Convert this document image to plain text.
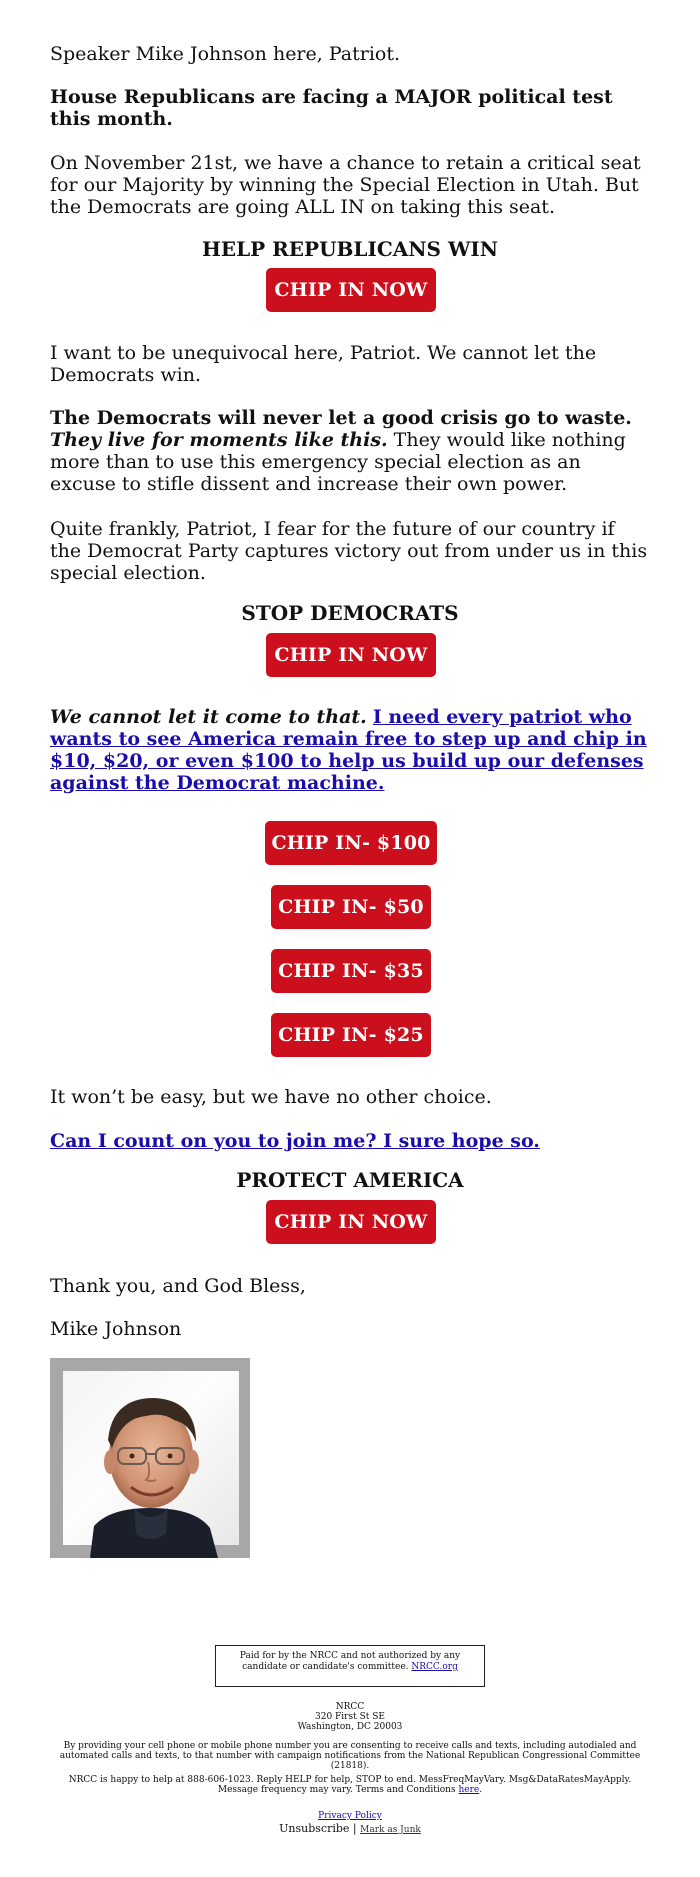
Speaker Mike Johnson here, Patriot.

House Republicans are facing a MAJOR political test this month.

On November 21st, we have a chance to retain a critical seat for our Majority by winning the Special Election in Utah. But the Democrats are going ALL IN on taking this seat.

HELP REPUBLICANS WIN
CHIP IN NOW

I want to be unequivocal here, Patriot. We cannot let the Democrats win.

The Democrats will never let a good crisis go to waste.
They live for moments like this. They would like nothing more than to use this emergency special election as an excuse to stifle dissent and increase their own power.

Quite frankly, Patriot, I fear for the future of our country if the Democrat Party captures victory out from under us in this special election.

STOP DEMOCRATS
CHIP IN NOW

We cannot let it come to that. I need every patriot who wants to see America remain free to step up and chip in $10, $20, or even $100 to help us build up our defenses against the Democrat machine.

CHIP IN- $100
CHIP IN- $50
CHIP IN- $35
CHIP IN- $25

It won’t be easy, but we have no other choice.

Can I count on you to join me? I sure hope so.

PROTECT AMERICA
CHIP IN NOW

Thank you, and God Bless,

Mike Johnson

Paid for by the NRCC and not authorized by any candidate or candidate's committee. NRCC.org
NRCC
320 First St SE
Washington, DC 20003
By providing your cell phone or mobile phone number you are consenting to receive calls and texts, including autodialed and automated calls and texts, to that number with campaign notifications from the National Republican Congressional Committee (21818).
NRCC is happy to help at 888-606-1023. Reply HELP for help, STOP to end. MessFreqMayVary. Msg&DataRatesMayApply. Message frequency may vary. Terms and Conditions here.
Privacy Policy
Unsubscribe | Mark as Junk
